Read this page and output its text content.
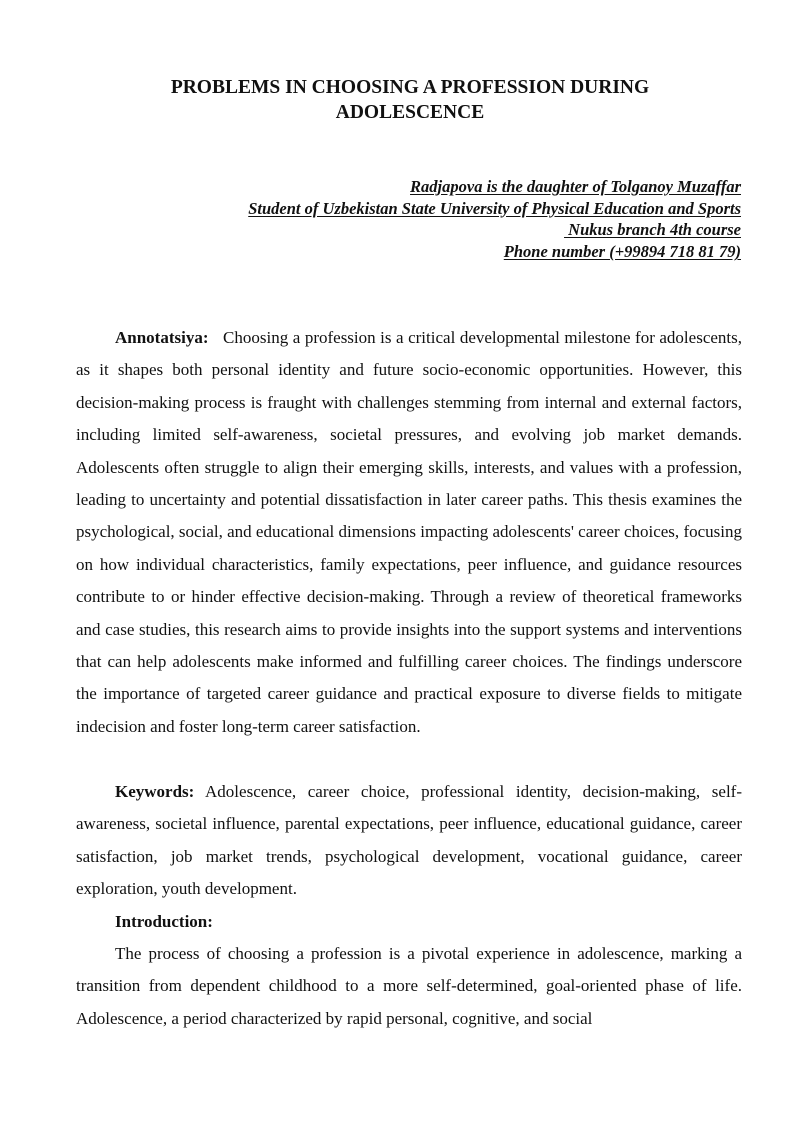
PROBLEMS IN CHOOSING A PROFESSION DURING
ADOLESCENCE
Radjapova is the daughter of Tolganoy Muzaffar
Student of Uzbekistan State University of Physical Education and Sports
Nukus branch 4th course
Phone number (+99894 718 81 79)

Annotatsiya: Choosing a profession is a critical developmental milestone for adolescents, as it shapes both personal identity and future socio-economic opportunities. However, this decision-making process is fraught with challenges stemming from internal and external factors, including limited self-awareness, societal pressures, and evolving job market demands. Adolescents often struggle to align their emerging skills, interests, and values with a profession, leading to uncertainty and potential dissatisfaction in later career paths. This thesis examines the psychological, social, and educational dimensions impacting adolescents' career choices, focusing on how individual characteristics, family expectations, peer influence, and guidance resources contribute to or hinder effective decision-making. Through a review of theoretical frameworks and case studies, this research aims to provide insights into the support systems and interventions that can help adolescents make informed and fulfilling career choices. The findings underscore the importance of targeted career guidance and practical exposure to diverse fields to mitigate indecision and foster long-term career satisfaction.

Keywords: Adolescence, career choice, professional identity, decision-making, self-awareness, societal influence, parental expectations, peer influence, educational guidance, career satisfaction, job market trends, psychological development, vocational guidance, career exploration, youth development.

Introduction:

The process of choosing a profession is a pivotal experience in adolescence, marking a transition from dependent childhood to a more self-determined, goal-oriented phase of life. Adolescence, a period characterized by rapid personal, cognitive, and social
